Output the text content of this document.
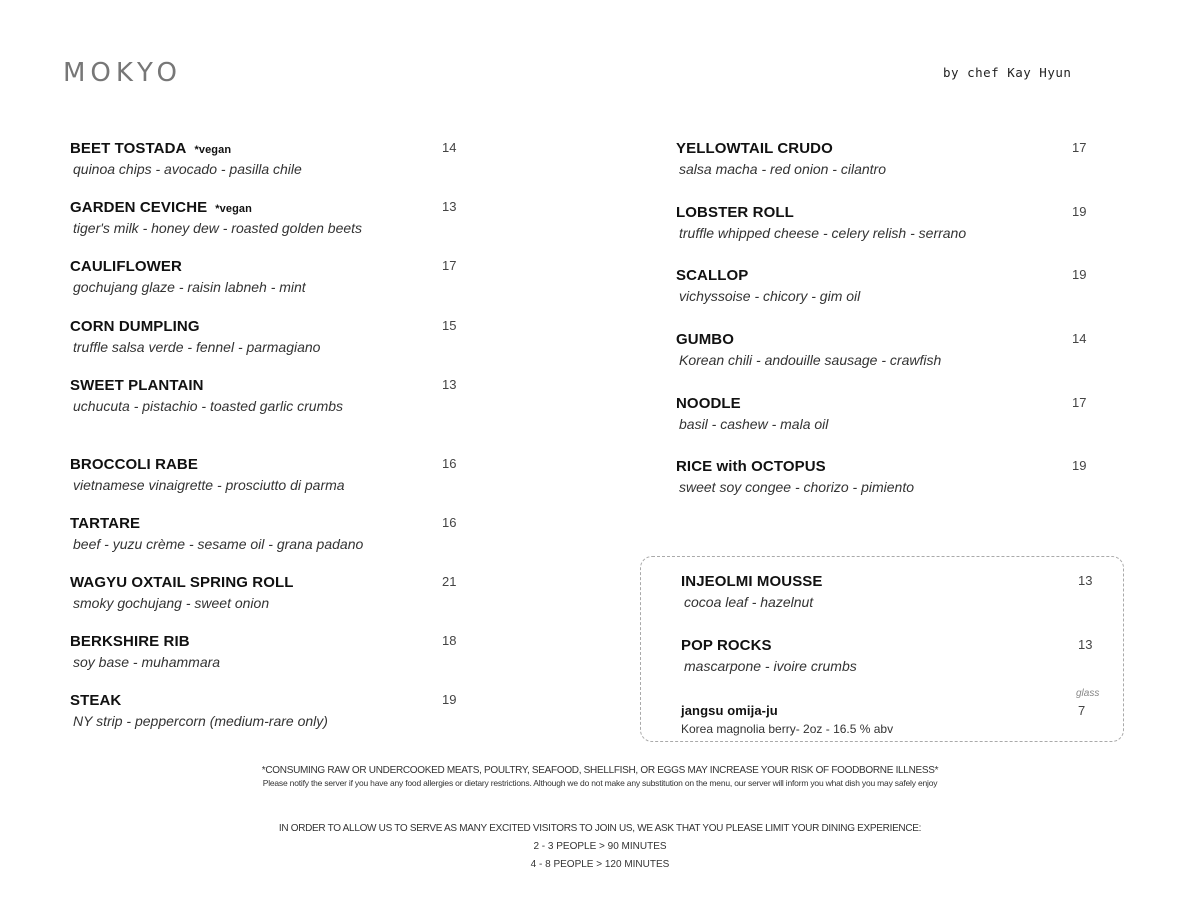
MOKYO	by chef Kay Hyun
BEET TOSTADA *vegan
quinoa chips - avocado - pasilla chile
14
GARDEN CEVICHE *vegan
tiger's milk - honey dew - roasted golden beets
13
CAULIFLOWER
gochujang glaze - raisin labneh - mint
17
CORN DUMPLING
truffle salsa verde - fennel - parmagiano
15
SWEET PLANTAIN
uchucuta - pistachio - toasted garlic crumbs
13
BROCCOLI RABE
vietnamese vinaigrette - prosciutto di parma
16
TARTARE
beef - yuzu crème - sesame oil - grana padano
16
WAGYU OXTAIL SPRING ROLL
smoky gochujang - sweet onion
21
BERKSHIRE RIB
soy base - muhammara
18
STEAK
NY strip - peppercorn (medium-rare only)
19
YELLOWTAIL CRUDO
salsa macha - red onion - cilantro
17
LOBSTER ROLL
truffle whipped cheese - celery relish - serrano
19
SCALLOP
vichyssoise - chicory - gim oil
19
GUMBO
Korean chili - andouille sausage - crawfish
14
NOODLE
basil - cashew - mala oil
17
RICE with OCTOPUS
sweet soy congee - chorizo - pimiento
19
INJEOLMI MOUSSE
cocoa leaf - hazelnut
13
POP ROCKS
mascarpone - ivoire crumbs
13
glass
jangsu omija-ju
Korea magnolia berry- 2oz - 16.5 % abv
7

*CONSUMING RAW OR UNDERCOOKED MEATS, POULTRY, SEAFOOD, SHELLFISH, OR EGGS MAY INCREASE YOUR RISK OF FOODBORNE ILLNESS*

Please notify the server if you have any food allergies or dietary restrictions. Although we do not make any substitution on the menu, our server will inform you what dish you may safely enjoy

IN ORDER TO ALLOW US TO SERVE AS MANY EXCITED VISITORS TO JOIN US, WE ASK THAT YOU PLEASE LIMIT YOUR DINING EXPERIENCE:

2 - 3 PEOPLE > 90 MINUTES

4 - 8 PEOPLE > 120 MINUTES
